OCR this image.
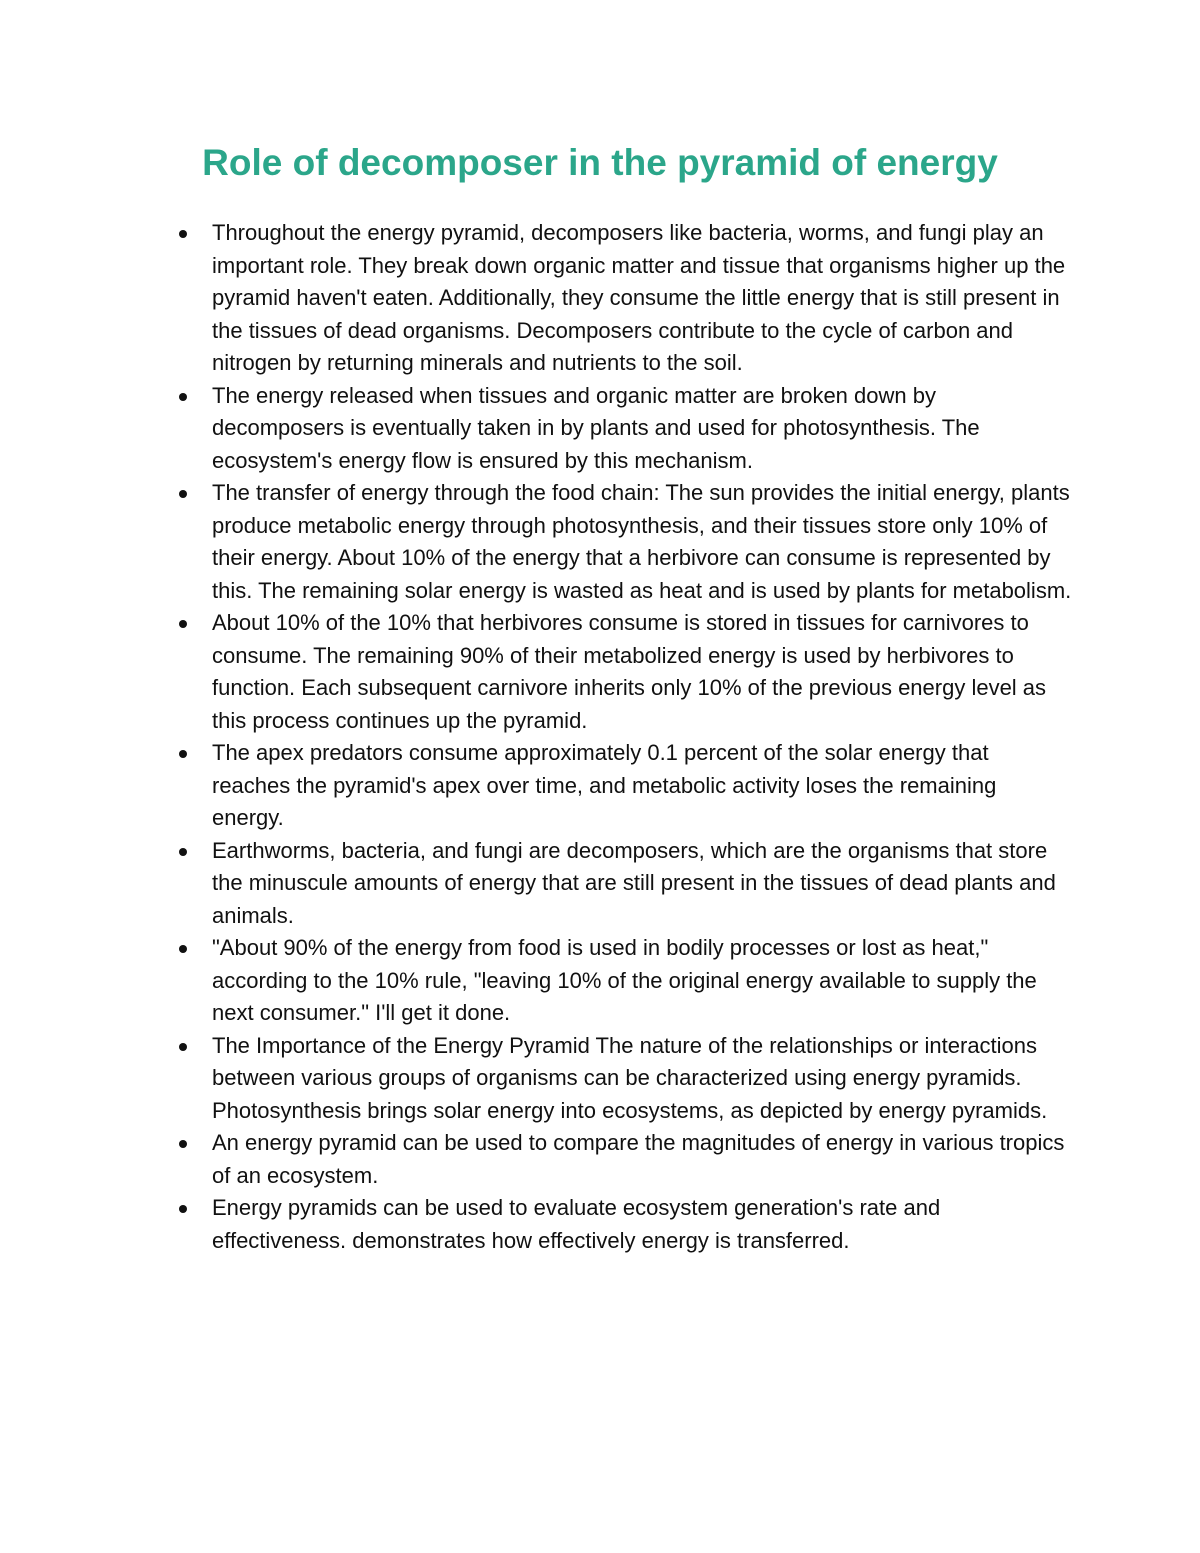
Role of decomposer in the pyramid of energy
Throughout the energy pyramid, decomposers like bacteria, worms, and fungi play an important role. They break down organic matter and tissue that organisms higher up the pyramid haven't eaten. Additionally, they consume the little energy that is still present in the tissues of dead organisms. Decomposers contribute to the cycle of carbon and nitrogen by returning minerals and nutrients to the soil.
The energy released when tissues and organic matter are broken down by decomposers is eventually taken in by plants and used for photosynthesis. The ecosystem's energy flow is ensured by this mechanism.
The transfer of energy through the food chain: The sun provides the initial energy, plants produce metabolic energy through photosynthesis, and their tissues store only 10% of their energy. About 10% of the energy that a herbivore can consume is represented by this. The remaining solar energy is wasted as heat and is used by plants for metabolism.
About 10% of the 10% that herbivores consume is stored in tissues for carnivores to consume. The remaining 90% of their metabolized energy is used by herbivores to function. Each subsequent carnivore inherits only 10% of the previous energy level as this process continues up the pyramid.
The apex predators consume approximately 0.1 percent of the solar energy that reaches the pyramid's apex over time, and metabolic activity loses the remaining energy.
Earthworms, bacteria, and fungi are decomposers, which are the organisms that store the minuscule amounts of energy that are still present in the tissues of dead plants and animals.
"About 90% of the energy from food is used in bodily processes or lost as heat," according to the 10% rule, "leaving 10% of the original energy available to supply the next consumer." I'll get it done.
The Importance of the Energy Pyramid The nature of the relationships or interactions between various groups of organisms can be characterized using energy pyramids. Photosynthesis brings solar energy into ecosystems, as depicted by energy pyramids.
An energy pyramid can be used to compare the magnitudes of energy in various tropics of an ecosystem.
Energy pyramids can be used to evaluate ecosystem generation's rate and effectiveness. demonstrates how effectively energy is transferred.
